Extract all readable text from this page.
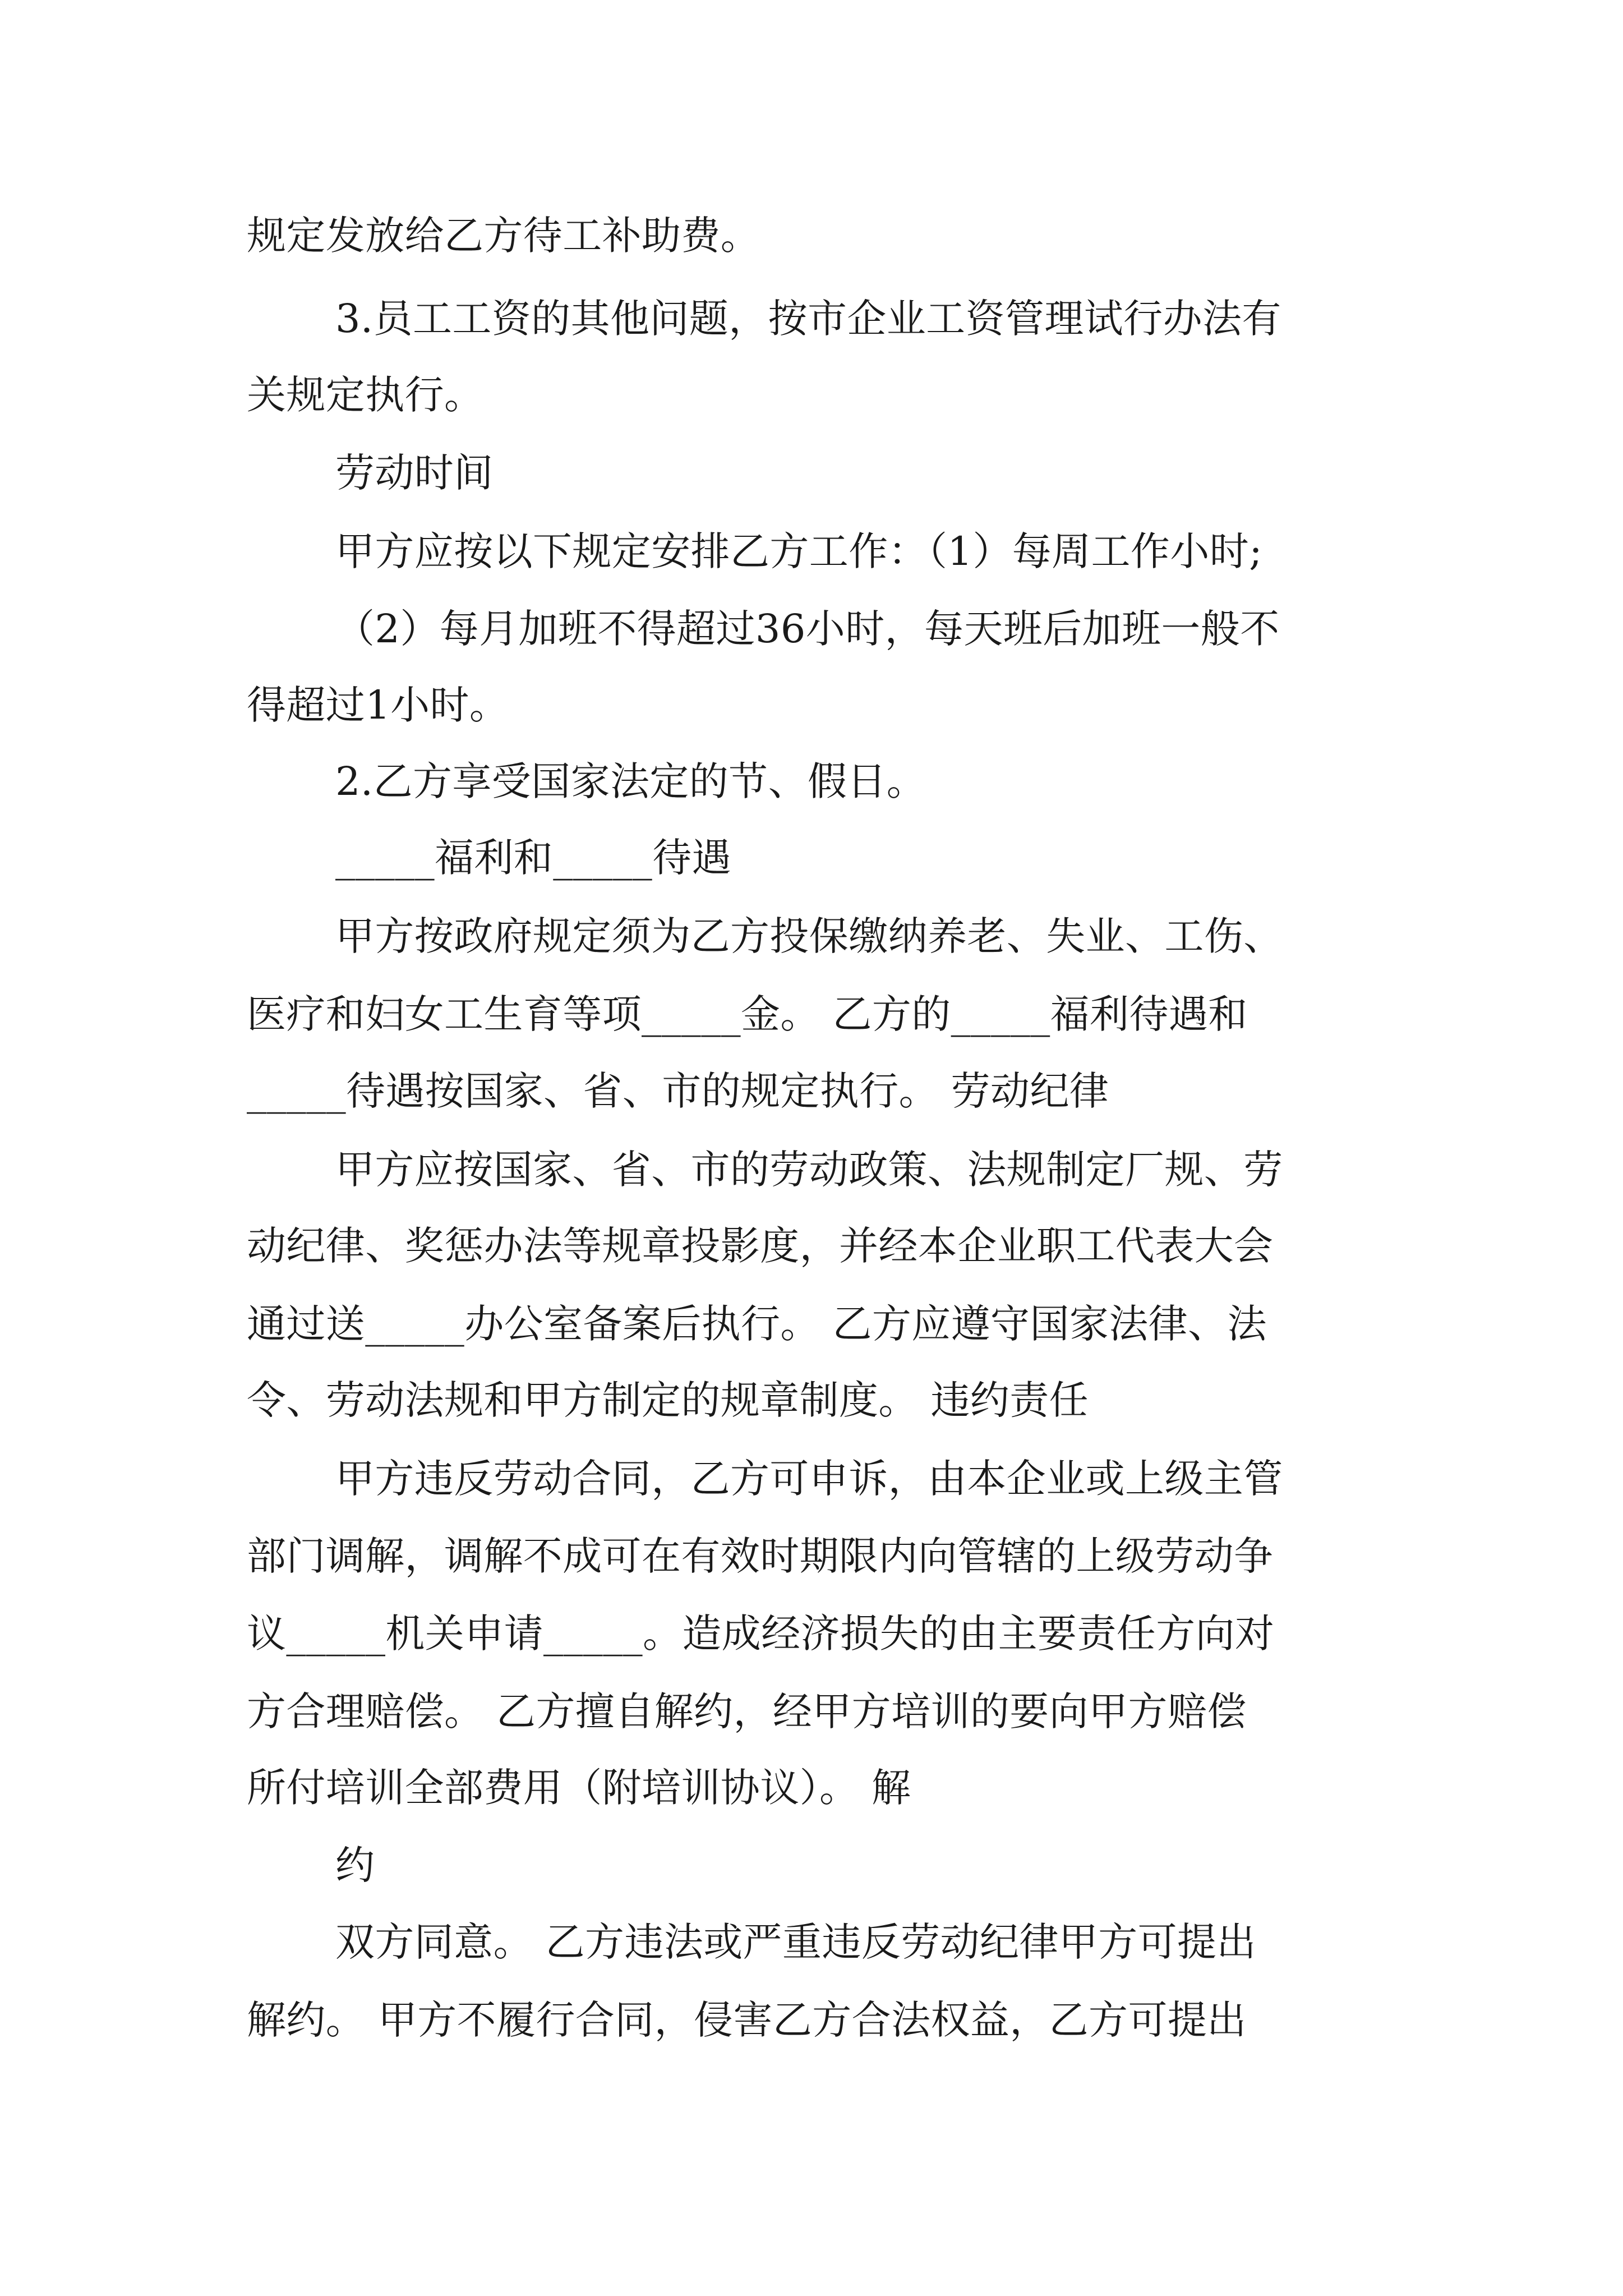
规定发放给乙方待工补助费。
3.员工工资的其他问题，按市企业工资管理试行办法有
关规定执行。
劳动时间
甲方应按以下规定安排乙方工作：（1）每周工作小时;
（2）每月加班不得超过36小时，每天班后加班一般不
得超过1小时。
2.乙方享受国家法定的节、假日。
_____福利和_____待遇
甲方按政府规定须为乙方投保缴纳养老、失业、工伤、
医疗和妇女工生育等项_____金。 乙方的_____福利待遇和
_____待遇按国家、省、市的规定执行。 劳动纪律
甲方应按国家、省、市的劳动政策、法规制定厂规、劳
动纪律、奖惩办法等规章投影度，并经本企业职工代表大会
通过送_____办公室备案后执行。 乙方应遵守国家法律、法
令、劳动法规和甲方制定的规章制度。 违约责任
甲方违反劳动合同，乙方可申诉，由本企业或上级主管
部门调解，调解不成可在有效时期限内向管辖的上级劳动争
议_____机关申请_____。造成经济损失的由主要责任方向对
方合理赔偿。 乙方擅自解约，经甲方培训的要向甲方赔偿
所付培训全部费用（附培训协议）。 解
约
双方同意。 乙方违法或严重违反劳动纪律甲方可提出
解约。 甲方不履行合同，侵害乙方合法权益，乙方可提出
